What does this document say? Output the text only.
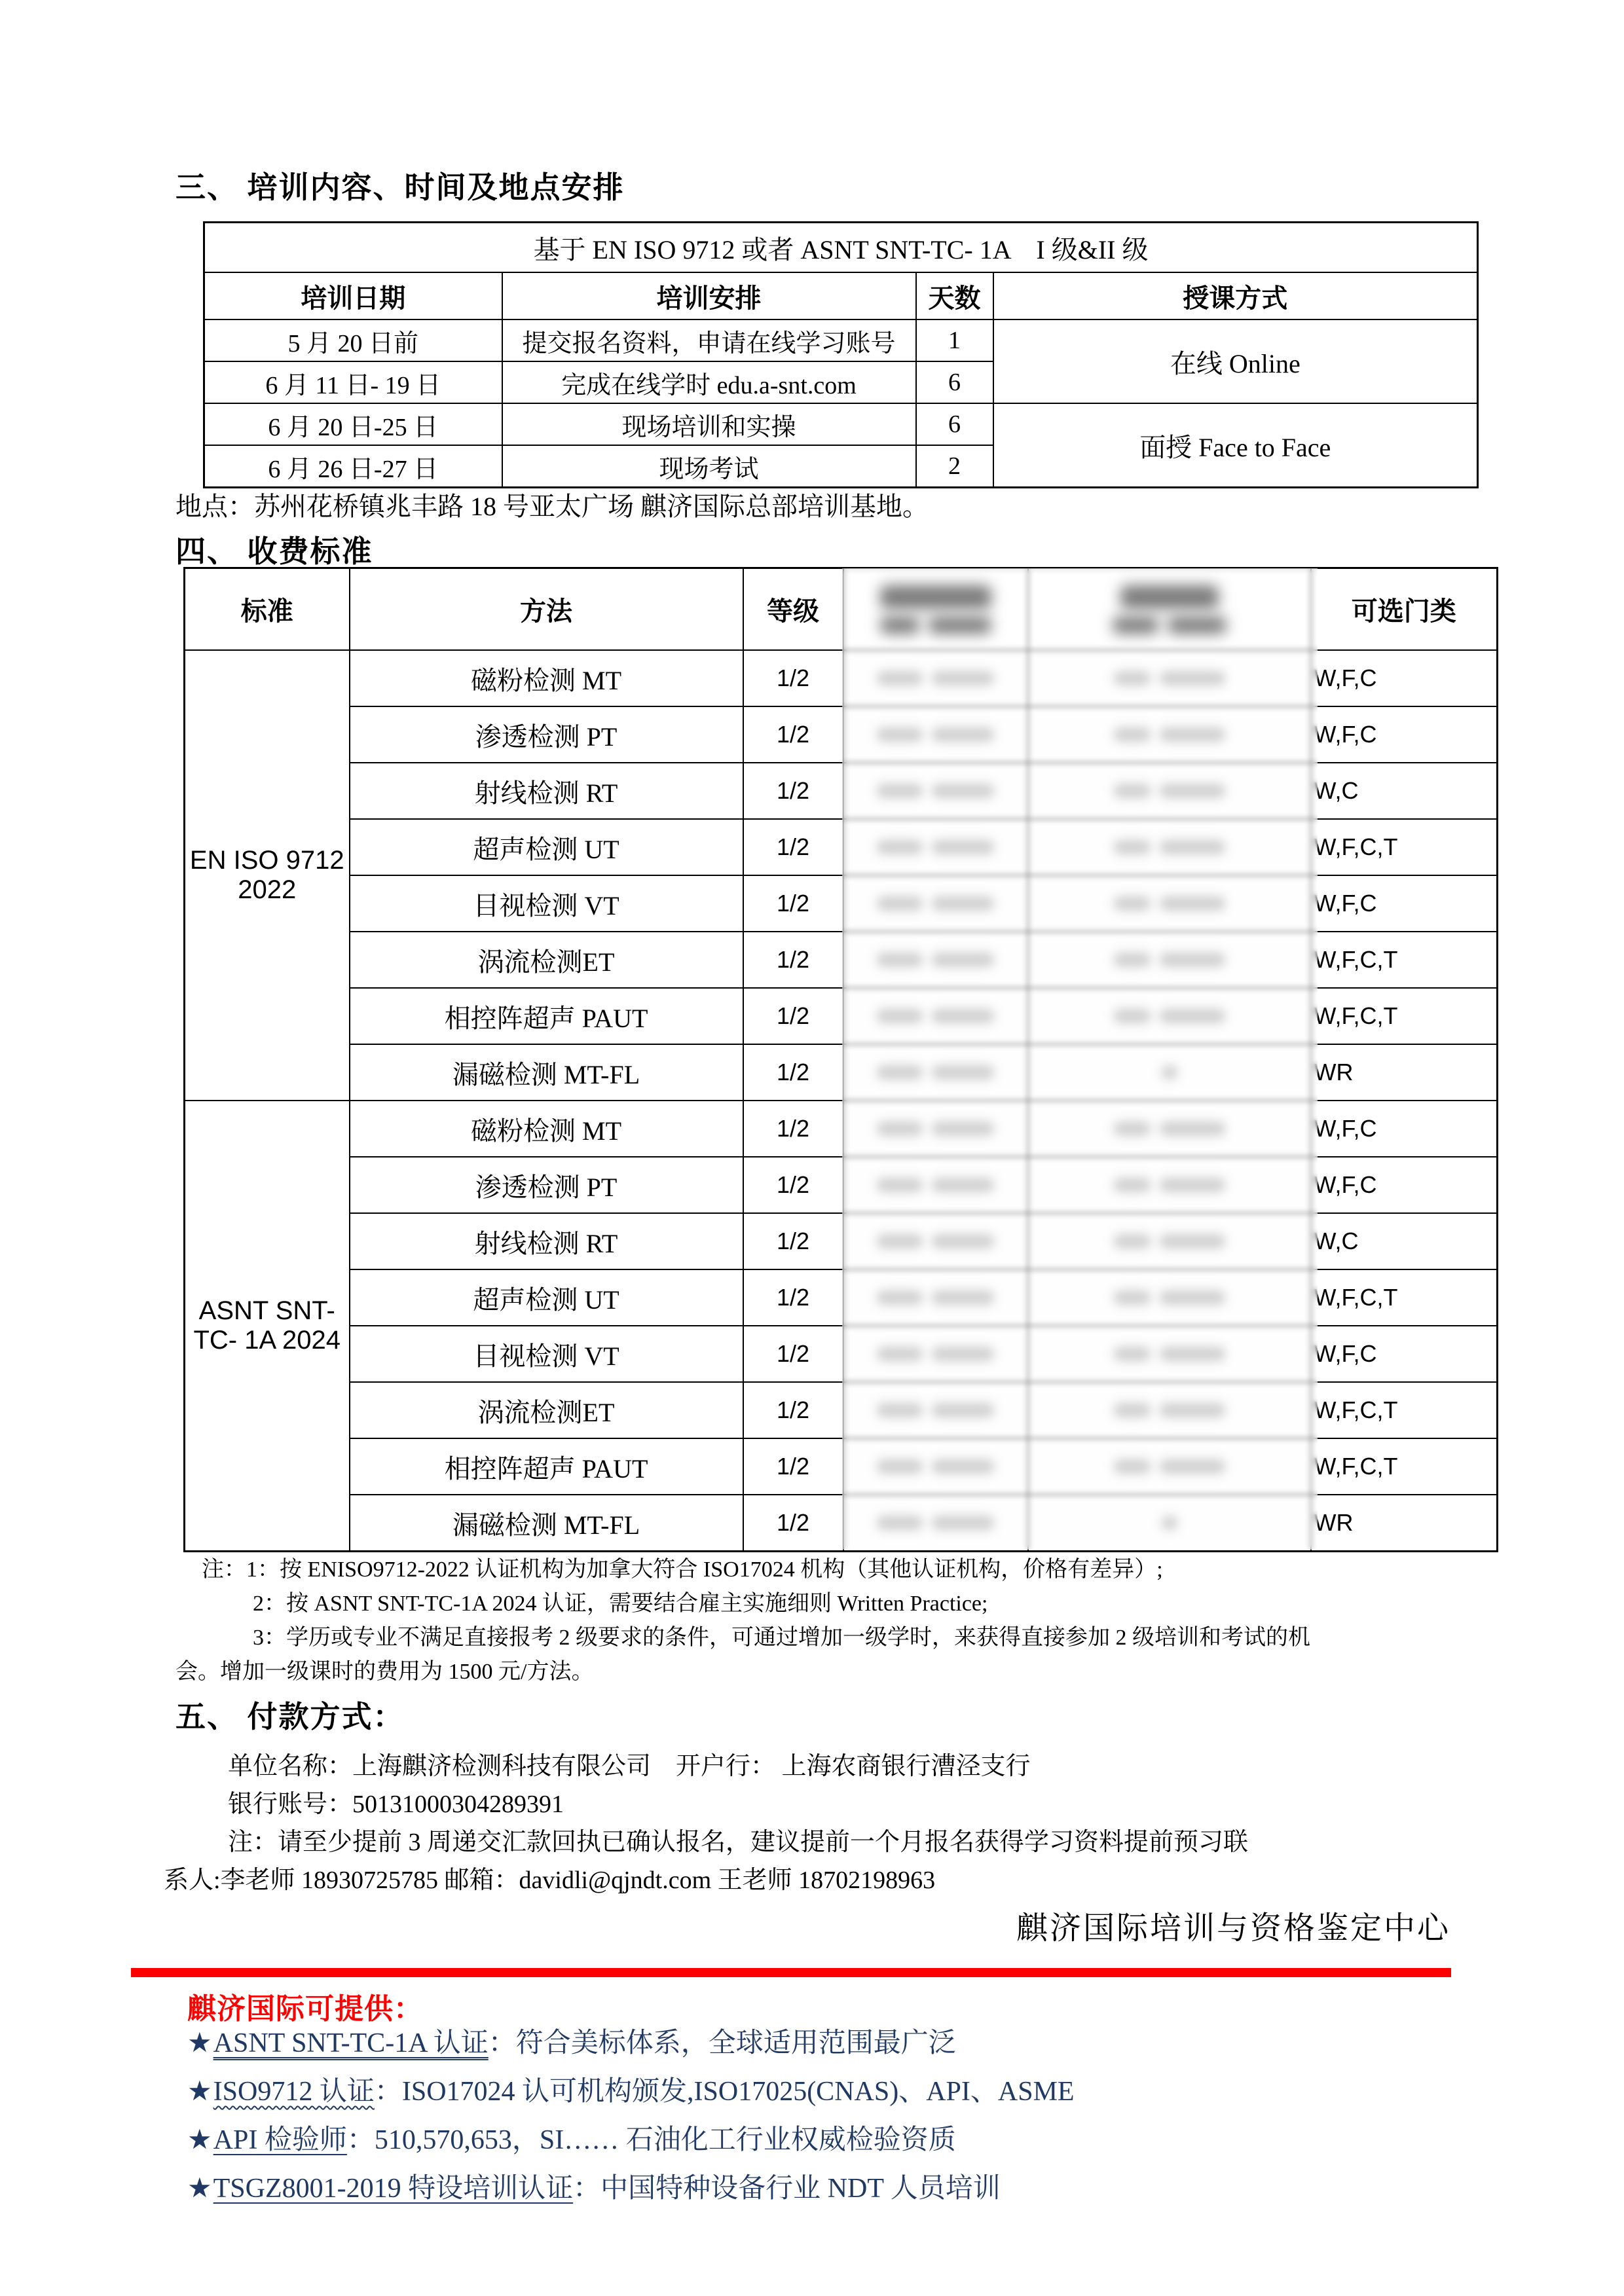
三、 培训内容、时间及地点安排
基于 EN ISO 9712 或者 ASNT SNT-TC- 1A　I 级&II 级			
培训日期	培训安排	天数	授课方式
5 月 20 日前	提交报名资料，申请在线学习账号	1	在线 Online
6 月 11 日- 19 日	完成在线学时 edu.a-snt.com	6	
6 月 20 日-25 日	现场培训和实操	6	面授 Face to Face
6 月 26 日-27 日	现场考试	2	
地点：苏州花桥镇兆丰路 18 号亚太广场 麒济国际总部培训基地。
四、 收费标准
标准	方法	等级			可选门类
EN ISO 9712 2022	磁粉检测 MT	1/2			W,F,C
	渗透检测 PT	1/2			W,F,C
	射线检测 RT	1/2			W,C
	超声检测 UT	1/2			W,F,C,T
	目视检测 VT	1/2			W,F,C
	涡流检测ET	1/2			W,F,C,T
	相控阵超声 PAUT	1/2			W,F,C,T
	漏磁检测 MT-FL	1/2			WR
ASNT SNT-TC- 1A 2024	磁粉检测 MT	1/2			W,F,C
	渗透检测 PT	1/2			W,F,C
	射线检测 RT	1/2			W,C
	超声检测 UT	1/2			W,F,C,T
	目视检测 VT	1/2			W,F,C
	涡流检测ET	1/2			W,F,C,T
	相控阵超声 PAUT	1/2			W,F,C,T
	漏磁检测 MT-FL	1/2			WR
注：1：按 ENISO9712-2022 认证机构为加拿大符合 ISO17024 机构（其他认证机构，价格有差异）;
2：按 ASNT SNT-TC-1A 2024 认证，需要结合雇主实施细则 Written Practice;
3：学历或专业不满足直接报考 2 级要求的条件，可通过增加一级学时，来获得直接参加 2 级培训和考试的机
会。增加一级课时的费用为 1500 元/方法。
五、 付款方式：
单位名称：上海麒济检测科技有限公司　开户行： 上海农商银行漕泾支行
银行账号：50131000304289391
注：请至少提前 3 周递交汇款回执已确认报名，建议提前一个月报名获得学习资料提前预习联
系人:李老师 18930725785 邮箱：davidli@qjndt.com 王老师 18702198963
麒济国际培训与资格鉴定中心
麒济国际可提供：
★ASNT SNT-TC-1A 认证：符合美标体系，全球适用范围最广泛
★ISO9712 认证：ISO17024 认可机构颁发,ISO17025(CNAS)、API、ASME
★API 检验师：510,570,653，SI…… 石油化工行业权威检验资质
★TSGZ8001-2019 特设培训认证：中国特种设备行业 NDT 人员培训
